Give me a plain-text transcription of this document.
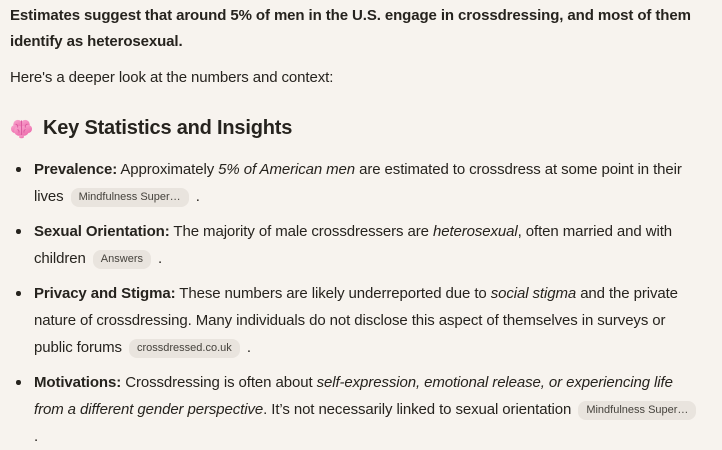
Estimates suggest that around 5% of men in the U.S. engage in crossdressing, and most of them identify as heterosexual.

Here's a deeper look at the numbers and context:

Key Statistics and Insights
Prevalence: Approximately 5% of American men are estimated to crossdress at some point in their lives Mindfulness Super… .
Sexual Orientation: The majority of male crossdressers are heterosexual, often married and with children Answers .
Privacy and Stigma: These numbers are likely underreported due to social stigma and the private nature of crossdressing. Many individuals do not disclose this aspect of themselves in surveys or public forums crossdressed.co.uk .
Motivations: Crossdressing is often about self-expression, emotional release, or experiencing life from a different gender perspective. It’s not necessarily linked to sexual orientation Mindfulness Super… .
